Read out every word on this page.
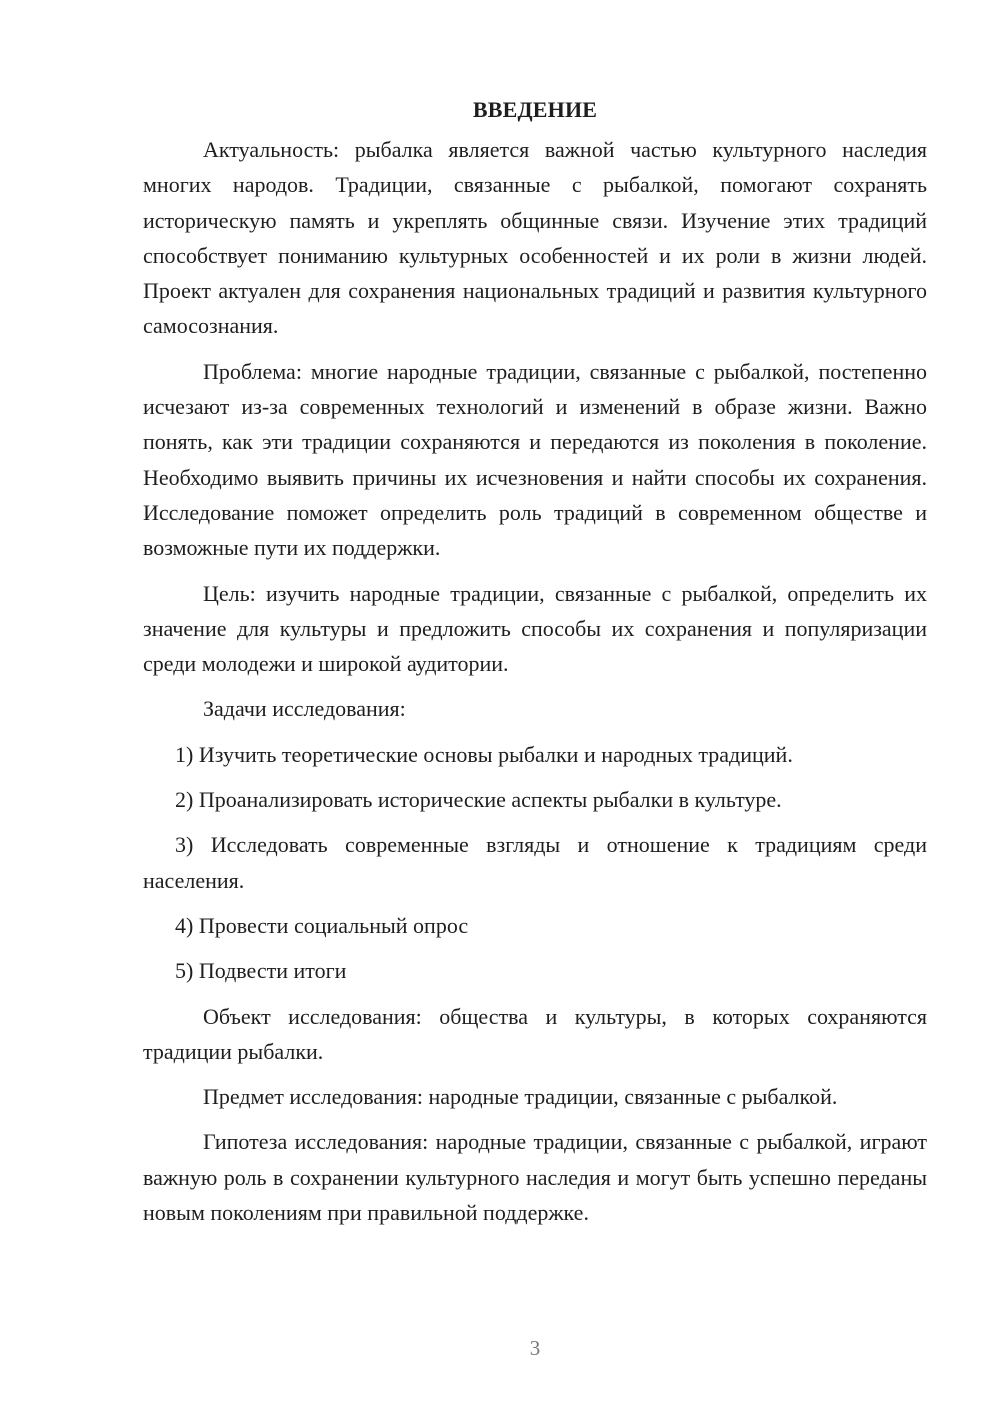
ВВЕДЕНИЕ

Актуальность: рыбалка является важной частью культурного наследия многих народов. Традиции, связанные с рыбалкой, помогают сохранять историческую память и укреплять общинные связи. Изучение этих традиций способствует пониманию культурных особенностей и их роли в жизни людей. Проект актуален для сохранения национальных традиций и развития культурного самосознания.

Проблема: многие народные традиции, связанные с рыбалкой, постепенно исчезают из-за современных технологий и изменений в образе жизни. Важно понять, как эти традиции сохраняются и передаются из поколения в поколение. Необходимо выявить причины их исчезновения и найти способы их сохранения. Исследование поможет определить роль традиций в современном обществе и возможные пути их поддержки.

Цель: изучить народные традиции, связанные с рыбалкой, определить их значение для культуры и предложить способы их сохранения и популяризации среди молодежи и широкой аудитории.

Задачи исследования:

1) Изучить теоретические основы рыбалки и народных традиций.

2) Проанализировать исторические аспекты рыбалки в культуре.

3) Исследовать современные взгляды и отношение к традициям среди населения.

4) Провести социальный опрос

5) Подвести итоги

Объект исследования: общества и культуры, в которых сохраняются традиции рыбалки.

Предмет исследования: народные традиции, связанные с рыбалкой.

Гипотеза исследования: народные традиции, связанные с рыбалкой, играют важную роль в сохранении культурного наследия и могут быть успешно переданы новым поколениям при правильной поддержке.

3
